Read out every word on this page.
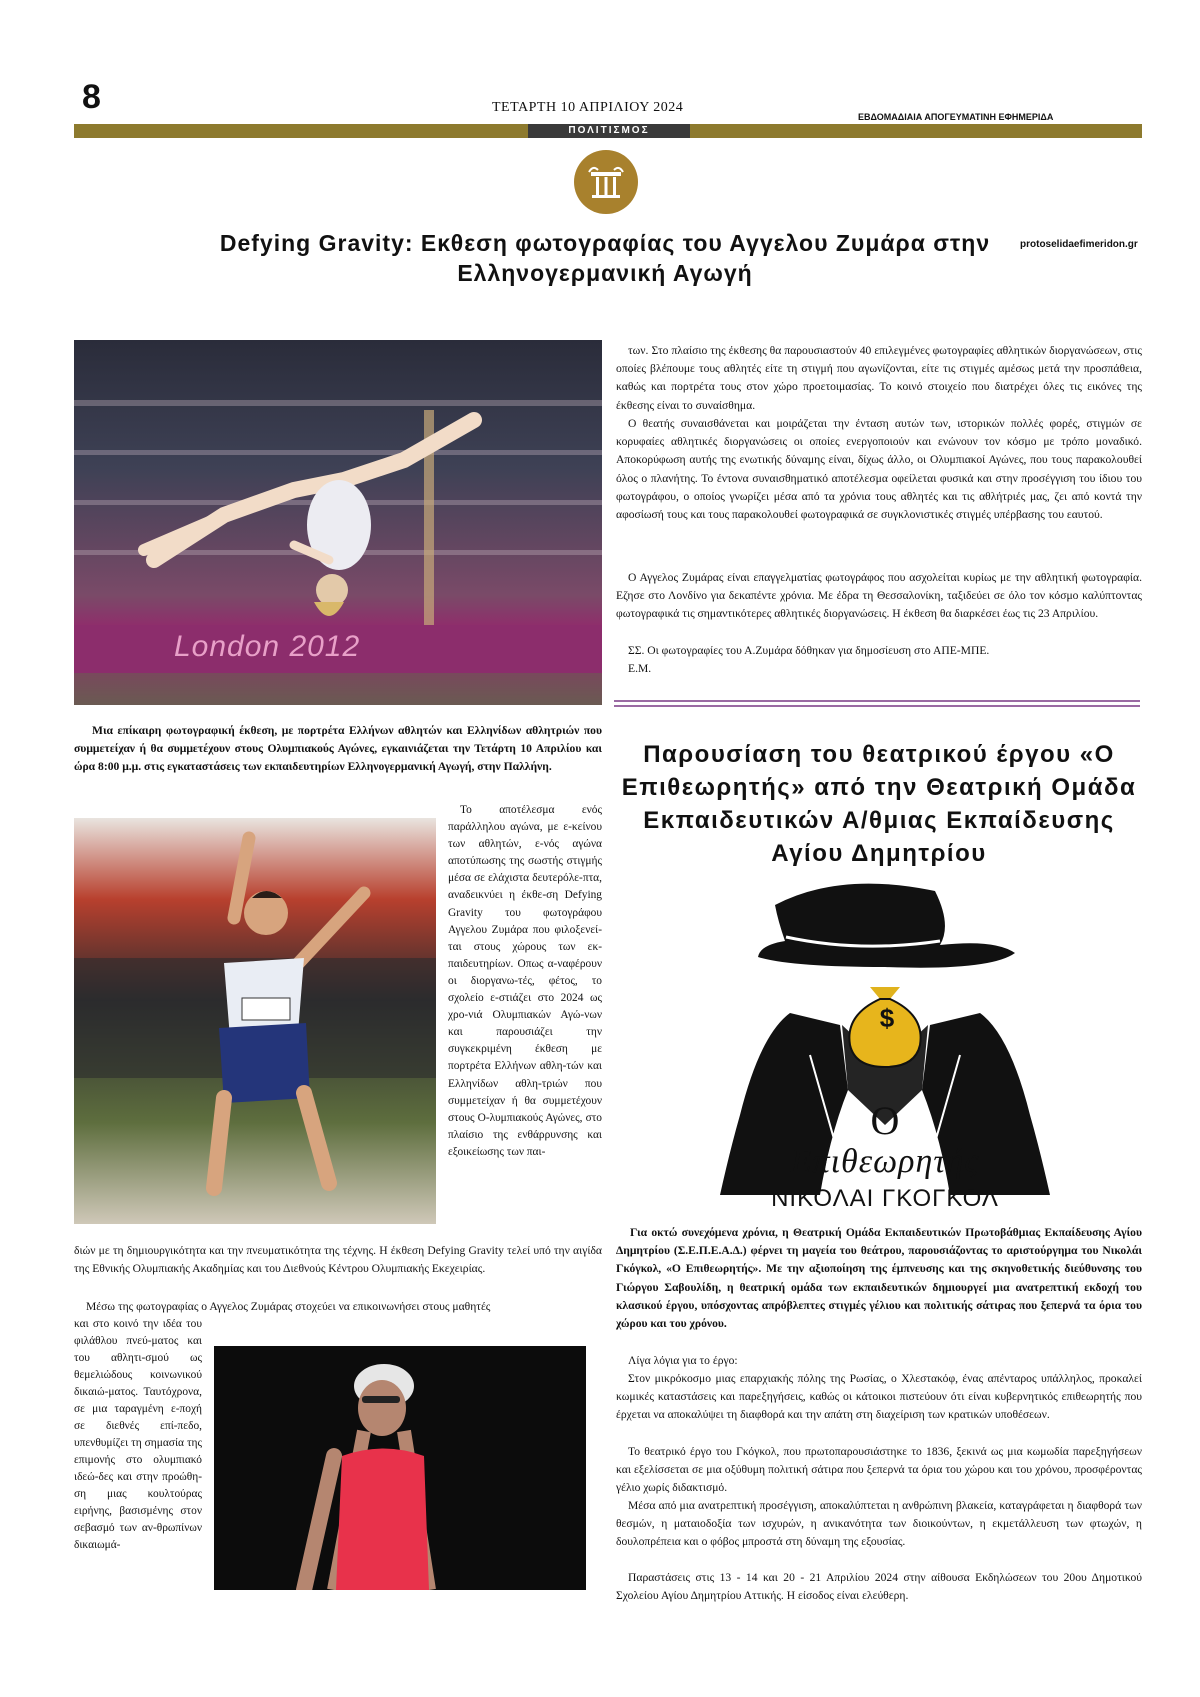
8	ΤΕΤΑΡΤΗ 10 ΑΠΡΙΛΙΟΥ 2024
ΕΒΔΟΜΑΔΙΑΙΑ ΑΠΟΓΕΥΜΑΤΙΝΗ ΕΦΗΜΕΡΙΔΑ
ΠΟΛΙΤΙΣΜΟΣ
Defying Gravity: Εκθεση φωτογραφίας του Αγγελου Ζυμάρα στην
Ελληνογερμανική Αγωγή
protoselidaefimeridon.gr
London 2012
Μια επίκαιρη φωτογραφική έκθεση, με πορτρέτα Ελλήνων αθλητών και Ελληνίδων αθλητριών που συμμετείχαν ή θα συμμετέχουν στους Ολυμπιακούς Αγώνες, εγκαινιάζεται την Τετάρτη 10 Απριλίου και ώρα 8:00 μ.μ. στις εγκαταστάσεις των εκπαιδευτηρίων Ελληνογερμανική Αγωγή, στην Παλλήνη.
Το αποτέλεσμα ενός παράλληλου αγώνα, με ε-κείνου των αθλητών, ε-νός αγώνα αποτύπωσης της σωστής στιγμής μέσα σε ελάχιστα δευτερόλε-πτα, αναδεικνύει η έκθε-ση Defying Gravity του φωτογράφου Αγγελου Ζυμάρα που φιλοξενεί-ται στους χώρους των εκ-παιδευτηρίων. Οπως α-ναφέρουν οι διοργανω-τές, φέτος, το σχολείο ε-στιάζει στο 2024 ως χρο-νιά Ολυμπιακών Αγώ-νων και παρουσιάζει την συγκεκριμένη έκθεση με πορτρέτα Ελλήνων αθλη-τών και Ελληνίδων αθλη-τριών που συμμετείχαν ή θα συμμετέχουν στους Ο-λυμπιακούς Αγώνες, στο πλαίσιο της ενθάρρυνσης και εξοικείωσης των παι-
διών με τη δημιουργικότητα και την πνευματικότητα της τέχνης. Η έκθεση Defying Gravity τελεί υπό την αιγίδα της Εθνικής Ολυμπιακής Ακαδημίας και του Διεθνούς Κέντρου Ολυμπιακής Εκεχειρίας.
Μέσω της φωτογραφίας ο Αγγελος Ζυμάρας στοχεύει να επικοινωνήσει στους μαθητές
και στο κοινό την ιδέα του φιλάθλου πνεύ-ματος και του αθλητι-σμού ως θεμελιώδους κοινωνικού δικαιώ-ματος. Ταυτόχρονα, σε μια ταραγμένη ε-ποχή σε διεθνές επί-πεδο, υπενθυμίζει τη σημασία της επιμονής στο ολυμπιακό ιδεώ-δες και στην προώθη-ση μιας κουλτούρας ειρήνης, βασισμένης στον σεβασμό των αν-θρωπίνων δικαιωμά-
των. Στο πλαίσιο της έκθεσης θα παρουσιαστούν 40 επιλεγμένες φωτογραφίες αθλητικών διοργανώσεων, στις οποίες βλέπουμε τους αθλητές είτε τη στιγμή που αγωνίζονται, είτε τις στιγμές αμέσως μετά την προσπάθεια, καθώς και πορτρέτα τους στον χώρο προετοιμασίας. Το κοινό στοιχείο που διατρέχει όλες τις εικόνες της έκθεσης είναι το συναίσθημα.
Ο θεατής συναισθάνεται και μοιράζεται την ένταση αυτών των, ιστορικών πολλές φορές, στιγμών σε κορυφαίες αθλητικές διοργανώσεις οι οποίες ενεργοποιούν και ενώνουν τον κόσμο με τρόπο μοναδικό. Αποκορύφωση αυτής της ενωτικής δύναμης είναι, δίχως άλλο, οι Ολυμπιακοί Αγώνες, που τους παρακολουθεί όλος ο πλανήτης. Το έντονα συναισθηματικό αποτέλεσμα οφείλεται φυσικά και στην προσέγγιση του ίδιου του φωτογράφου, ο οποίος γνωρίζει μέσα από τα χρόνια τους αθλητές και τις αθλήτριές μας, ζει από κοντά την αφοσίωσή τους και τους παρακολουθεί φωτογραφικά σε συγκλονιστικές στιγμές υπέρβασης του εαυτού.
Ο Αγγελος Ζυμάρας είναι επαγγελματίας φωτογράφος που ασχολείται κυρίως με την αθλητική φωτογραφία. Εζησε στο Λονδίνο για δεκαπέντε χρόνια. Με έδρα τη Θεσσαλονίκη, ταξιδεύει σε όλο τον κόσμο καλύπτοντας φωτογραφικά τις σημαντικότερες αθλητικές διοργανώσεις. Η έκθεση θα διαρκέσει έως τις 23 Απριλίου.
ΣΣ. Οι φωτογραφίες του Α.Ζυμάρα δόθηκαν για δημοσίευση στο ΑΠΕ-ΜΠΕ.
Ε.Μ.
Παρουσίαση του θεατρικού έργου «Ο Επιθεωρητής» από την Θεατρική Ομάδα Εκπαιδευτικών Α/θμιας Εκπαίδευσης Αγίου Δημητρίου
$
Ο
Επιθεωρητής
ΝΙΚΟΛΑΙ ΓΚΟΓΚΟΛ
Για οκτώ συνεχόμενα χρόνια, η Θεατρική Ομάδα Εκπαιδευτικών Πρωτοβάθμιας Εκπαίδευσης Αγίου Δημητρίου (Σ.Ε.Π.Ε.Α.Δ.) φέρνει τη μαγεία του θεάτρου, παρουσιάζοντας το αριστούργημα του Νικολάι Γκόγκολ, «Ο Επιθεωρητής». Με την αξιοποίηση της έμπνευσης και της σκηνοθετικής διεύθυνσης του Γιώργου Σαβουλίδη, η θεατρική ομάδα των εκπαιδευτικών δημιουργεί μια ανατρεπτική εκδοχή του κλασικού έργου, υπόσχοντας απρόβλεπτες στιγμές γέλιου και πολιτικής σάτιρας που ξεπερνά τα όρια του χώρου και του χρόνου.
Λίγα λόγια για το έργο:
Στον μικρόκοσμο μιας επαρχιακής πόλης της Ρωσίας, ο Χλεστακόφ, ένας απένταρος υπάλληλος, προκαλεί κωμικές καταστάσεις και παρεξηγήσεις, καθώς οι κάτοικοι πιστεύουν ότι είναι κυβερνητικός επιθεωρητής που έρχεται να αποκαλύψει τη διαφθορά και την απάτη στη διαχείριση των κρατικών υποθέσεων.
Το θεατρικό έργο του Γκόγκολ, που πρωτοπαρουσιάστηκε το 1836, ξεκινά ως μια κωμωδία παρεξηγήσεων και εξελίσσεται σε μια οξύθυμη πολιτική σάτιρα που ξεπερνά τα όρια του χώρου και του χρόνου, προσφέροντας γέλιο χωρίς διδακτισμό.
Μέσα από μια ανατρεπτική προσέγγιση, αποκαλύπτεται η ανθρώπινη βλακεία, καταγράφεται η διαφθορά των θεσμών, η ματαιοδοξία των ισχυρών, η ανικανότητα των διοικούντων, η εκμετάλλευση των φτωχών, η δουλοπρέπεια και ο φόβος μπροστά στη δύναμη της εξουσίας.
Παραστάσεις στις 13 - 14 και 20 - 21 Απριλίου 2024 στην αίθουσα Εκδηλώσεων του 20ου Δημοτικού Σχολείου Αγίου Δημητρίου Αττικής. Η είσοδος είναι ελεύθερη.
